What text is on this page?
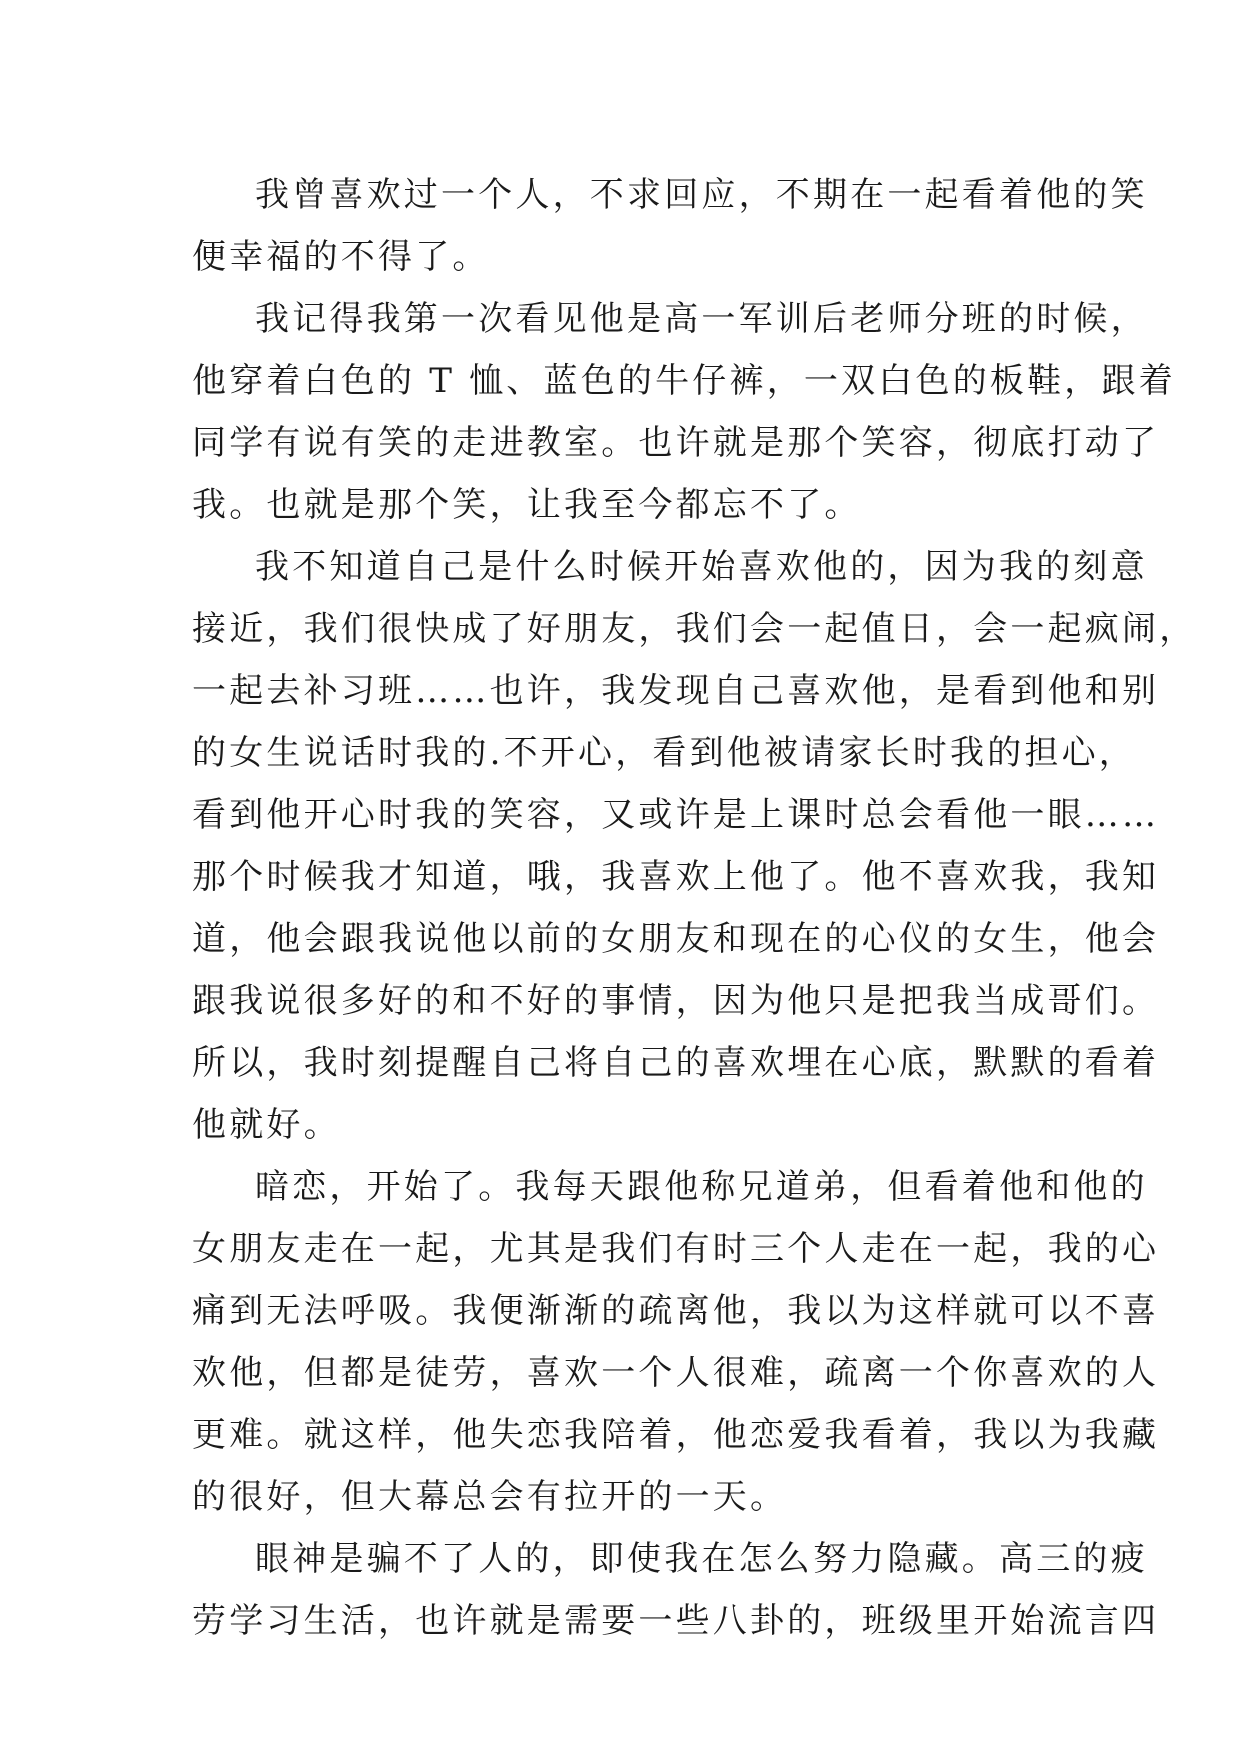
我曾喜欢过一个人，不求回应，不期在一起看着他的笑
便幸福的不得了。
我记得我第一次看见他是高一军训后老师分班的时候，
他穿着白色的 T 恤、蓝色的牛仔裤，一双白色的板鞋，跟着
同学有说有笑的走进教室。也许就是那个笑容，彻底打动了
我。也就是那个笑，让我至今都忘不了。
我不知道自己是什么时候开始喜欢他的，因为我的刻意
接近，我们很快成了好朋友，我们会一起值日，会一起疯闹，
一起去补习班……也许，我发现自己喜欢他，是看到他和别
的女生说话时我的.不开心，看到他被请家长时我的担心，
看到他开心时我的笑容，又或许是上课时总会看他一眼……
那个时候我才知道，哦，我喜欢上他了。他不喜欢我，我知
道，他会跟我说他以前的女朋友和现在的心仪的女生，他会
跟我说很多好的和不好的事情，因为他只是把我当成哥们。
所以，我时刻提醒自己将自己的喜欢埋在心底，默默的看着
他就好。
暗恋，开始了。我每天跟他称兄道弟，但看着他和他的
女朋友走在一起，尤其是我们有时三个人走在一起，我的心
痛到无法呼吸。我便渐渐的疏离他，我以为这样就可以不喜
欢他，但都是徒劳，喜欢一个人很难，疏离一个你喜欢的人
更难。就这样，他失恋我陪着，他恋爱我看着，我以为我藏
的很好，但大幕总会有拉开的一天。
眼神是骗不了人的，即使我在怎么努力隐藏。高三的疲
劳学习生活，也许就是需要一些八卦的，班级里开始流言四
